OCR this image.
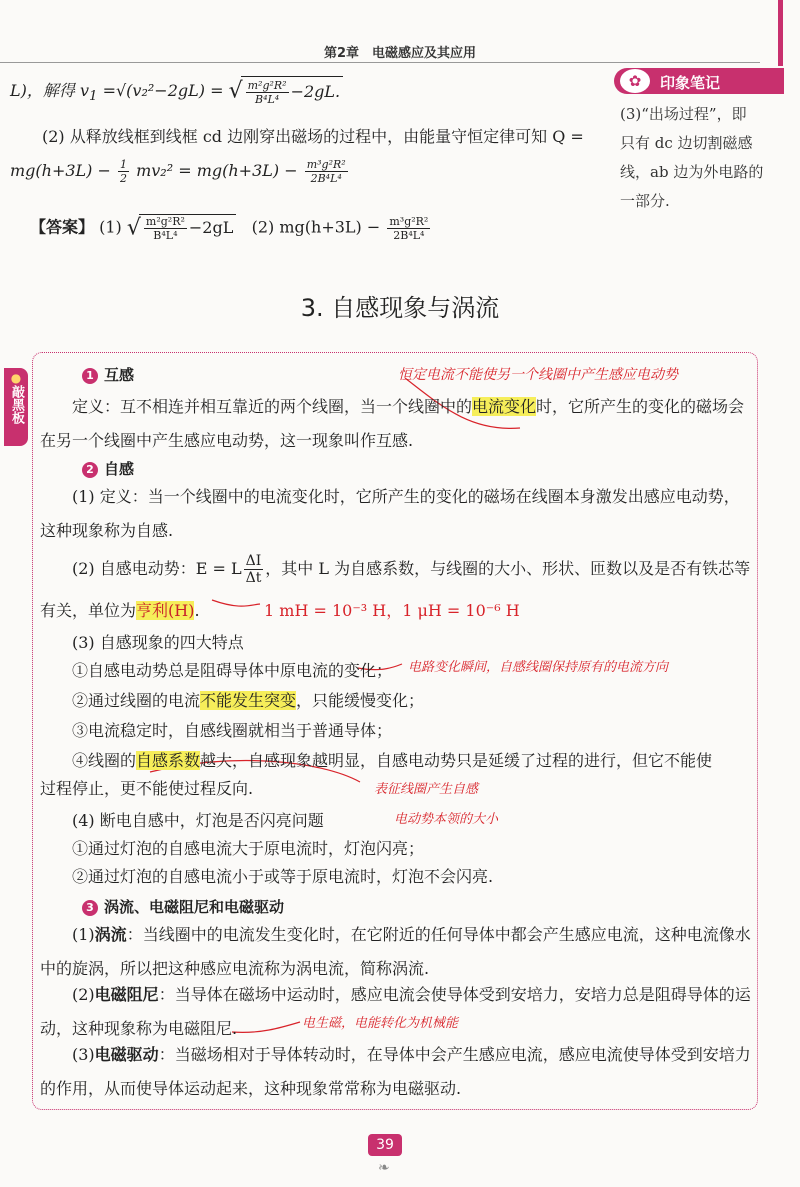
第2章　电磁感应及其应用
✿	印象笔记
(3)“出场过程”，即
只有 dc 边切割磁感
线，ab 边为外电路的
一部分.
L)，解得 $v_1 =√(v_2^2-2gL)$ = √ $\frac{\text{m²g²R²}}{\text{B⁴L⁴}} -2gL$.
(2) 从释放线框到线框 cd 边刚穿出磁场的过程中，由能量守恒定律可知 Q =
$mg(h+3L) - \frac{1}{2} mv_2^2 = mg(h+3L) - \frac{\text{m³g²R²}}{\text{2B⁴L⁴}}$
【答案】 (1) √ $\frac{\text{m²g²R²}}{\text{B⁴L⁴}} -2gL$ (2) $mg(h+3L) - \frac{\text{m³g²R²}}{\text{2B⁴L⁴}}$
3. 自感现象与涡流
●
敲黑板
1 互感	恒定电流不能使另一个线圈中产生感应电动势
定义：互不相连并相互靠近的两个线圈，当一个线圈中的电流变化时，它所产生的变化的磁场会在另一个线圈中产生感应电动势，这一现象叫作互感.
2 自感
(1) 定义：当一个线圈中的电流变化时，它所产生的变化的磁场在线圈本身激发出感应电动势，这种现象称为自感.
(2) 自感电动势：E = L $\frac{\Delta I}{\Delta t}$ ，其中 L 为自感系数，与线圈的大小、形状、匝数以及是否有铁芯等
有关，单位为亨利(H).	1 mH = 10⁻³ H，1 μH = 10⁻⁶ H
(3) 自感现象的四大特点
①自感电动势总是阻碍导体中原电流的变化； 电路变化瞬间，自感线圈保持原有的电流方向
②通过线圈的电流不能发生突变，只能缓慢变化；
③电流稳定时，自感线圈就相当于普通导体；
④线圈的自感系数越大，自感现象越明显，自感电动势只是延缓了过程的进行，但它不能使
过程停止，更不能使过程反向.	表征线圈产生自感
(4) 断电自感中，灯泡是否闪亮问题	电动势本领的大小
①通过灯泡的自感电流大于原电流时，灯泡闪亮；
②通过灯泡的自感电流小于或等于原电流时，灯泡不会闪亮.
3 涡流、电磁阻尼和电磁驱动
(1)涡流：当线圈中的电流发生变化时，在它附近的任何导体中都会产生感应电流，这种电流像水中的旋涡，所以把这种感应电流称为涡电流，简称涡流.
(2)电磁阻尼：当导体在磁场中运动时，感应电流会使导体受到安培力，安培力总是阻碍导体的运动，这种现象称为电磁阻尼.	电生磁，电能转化为机械能
(3)电磁驱动：当磁场相对于导体转动时，在导体中会产生感应电流，感应电流使导体受到安培力的作用，从而使导体运动起来，这种现象常常称为电磁驱动.
39
❧
